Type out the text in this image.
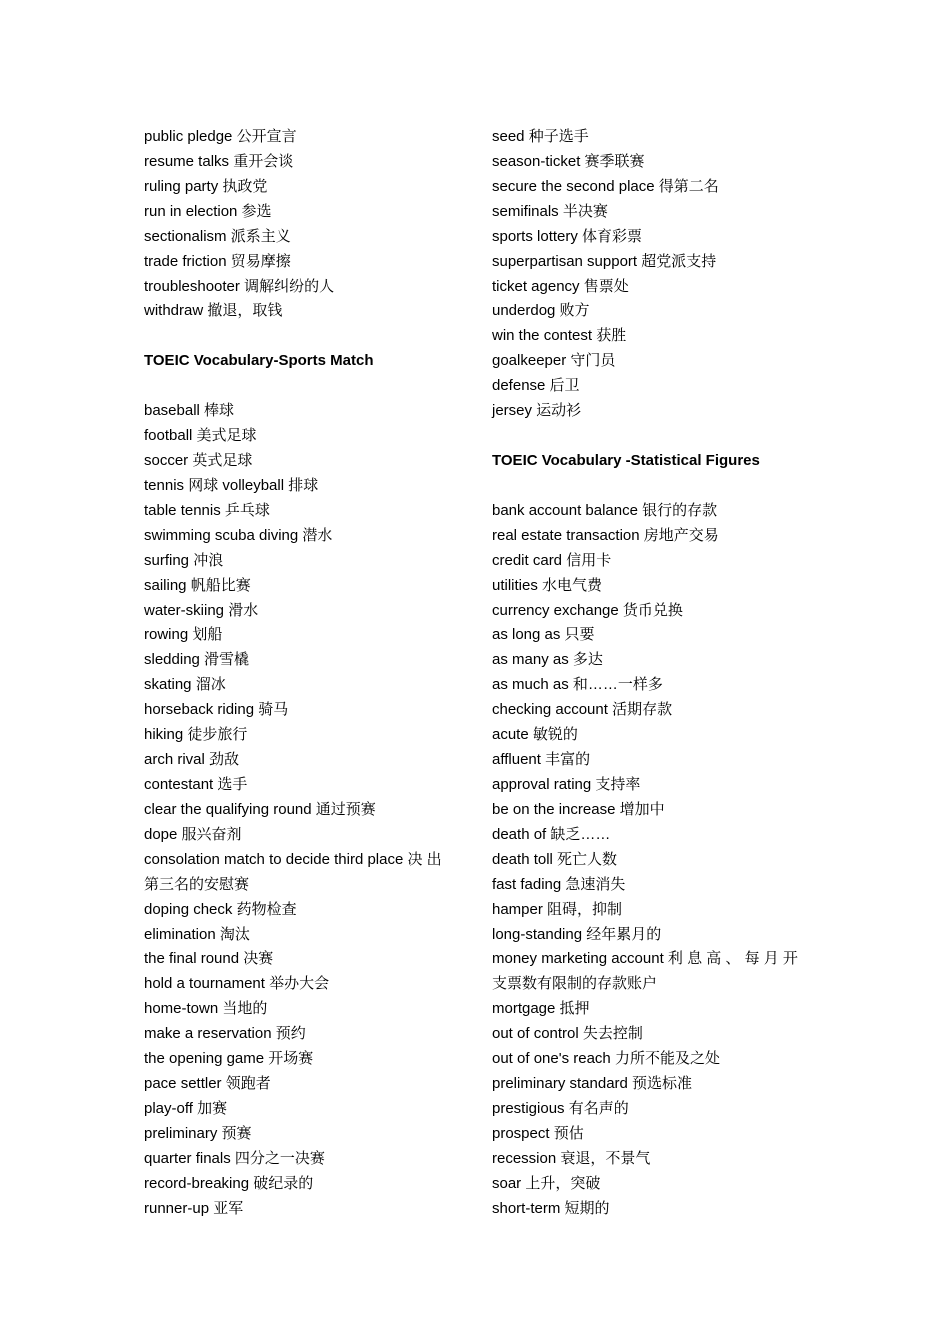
public pledge 公开宣言
resume talks 重开会谈
ruling party 执政党
run in election 参选
sectionalism 派系主义
trade friction 贸易摩擦
troubleshooter 调解纠纷的人
withdraw 撤退，取钱
TOEIC Vocabulary-Sports Match
baseball 棒球
football 美式足球
soccer 英式足球
tennis 网球 volleyball 排球
table tennis 乒乓球
swimming scuba diving 潜水
surfing 冲浪
sailing 帆船比赛
water-skiing 滑水
rowing 划船
sledding 滑雪橇
skating 溜冰
horseback riding 骑马
hiking 徒步旅行
arch rival 劲敌
contestant 选手
clear the qualifying round 通过预赛
dope 服兴奋剂
consolation match to decide third place 决 出
第三名的安慰赛
doping check 药物检查
elimination 淘汰
the final round 决赛
hold a tournament 举办大会
home-town 当地的
make a reservation 预约
the opening game 开场赛
pace settler 领跑者
play-off 加赛
preliminary 预赛
quarter finals 四分之一决赛
record-breaking 破纪录的
runner-up 亚军
seed 种子选手
season-ticket 赛季联赛
secure the second place 得第二名
semifinals 半决赛
sports lottery 体育彩票
superpartisan support 超党派支持
ticket agency 售票处
underdog 败方
win the contest 获胜
goalkeeper 守门员
defense 后卫
jersey 运动衫
TOEIC Vocabulary -Statistical Figures
bank account balance 银行的存款
real estate transaction 房地产交易
credit card 信用卡
utilities 水电气费
currency exchange 货币兑换
as long as 只要
as many as 多达
as much as 和……一样多
checking account 活期存款
acute 敏锐的
affluent 丰富的
approval rating 支持率
be on the increase 增加中
death of 缺乏……
death toll 死亡人数
fast fading 急速消失
hamper 阻碍，抑制
long-standing 经年累月的
money marketing account 利 息 高 、 每 月 开
支票数有限制的存款账户
mortgage 抵押
out of control 失去控制
out of one's reach 力所不能及之处
preliminary standard 预选标准
prestigious 有名声的
prospect 预估
recession 衰退，不景气
soar 上升，突破
short-term 短期的
